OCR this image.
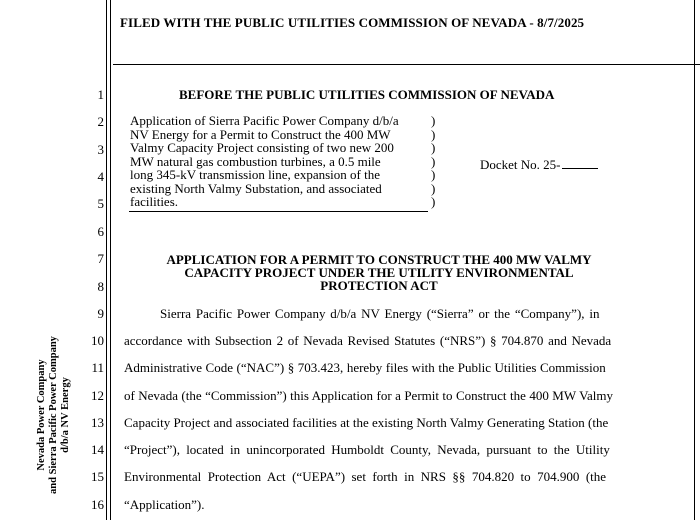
FILED WITH THE PUBLIC UTILITIES COMMISSION OF NEVADA - 8/7/2025
1
2
3
4
5
6
7
8
9
10
11
12
13
14
15
16
BEFORE THE PUBLIC UTILITIES COMMISSION OF NEVADA
Application of Sierra Pacific Power Company d/b/a
NV Energy for a Permit to Construct the 400 MW
Valmy Capacity Project consisting of two new 200
MW natural gas combustion turbines, a 0.5 mile
long 345-kV transmission line, expansion of the
existing North Valmy Substation, and associated
facilities.
)
)
)
)
)
)
)
Docket No. 25-
APPLICATION FOR A PERMIT TO CONSTRUCT THE 400 MW VALMY
CAPACITY PROJECT UNDER THE UTILITY ENVIRONMENTAL
PROTECTION ACT
Sierra Pacific Power Company d/b/a NV Energy (“Sierra” or the “Company”), in
accordance with Subsection 2 of Nevada Revised Statutes (“NRS”) § 704.870 and Nevada
Administrative Code (“NAC”) § 703.423, hereby files with the Public Utilities Commission
of Nevada (the “Commission”) this Application for a Permit to Construct the 400 MW Valmy
Capacity Project and associated facilities at the existing North Valmy Generating Station (the
“Project”), located in unincorporated Humboldt County, Nevada, pursuant to the Utility
Environmental Protection Act (“UEPA”) set forth in NRS §§ 704.820 to 704.900 (the
“Application”).
Nevada Power Company and Sierra Pacific Power Company d/b/a NV Energy
